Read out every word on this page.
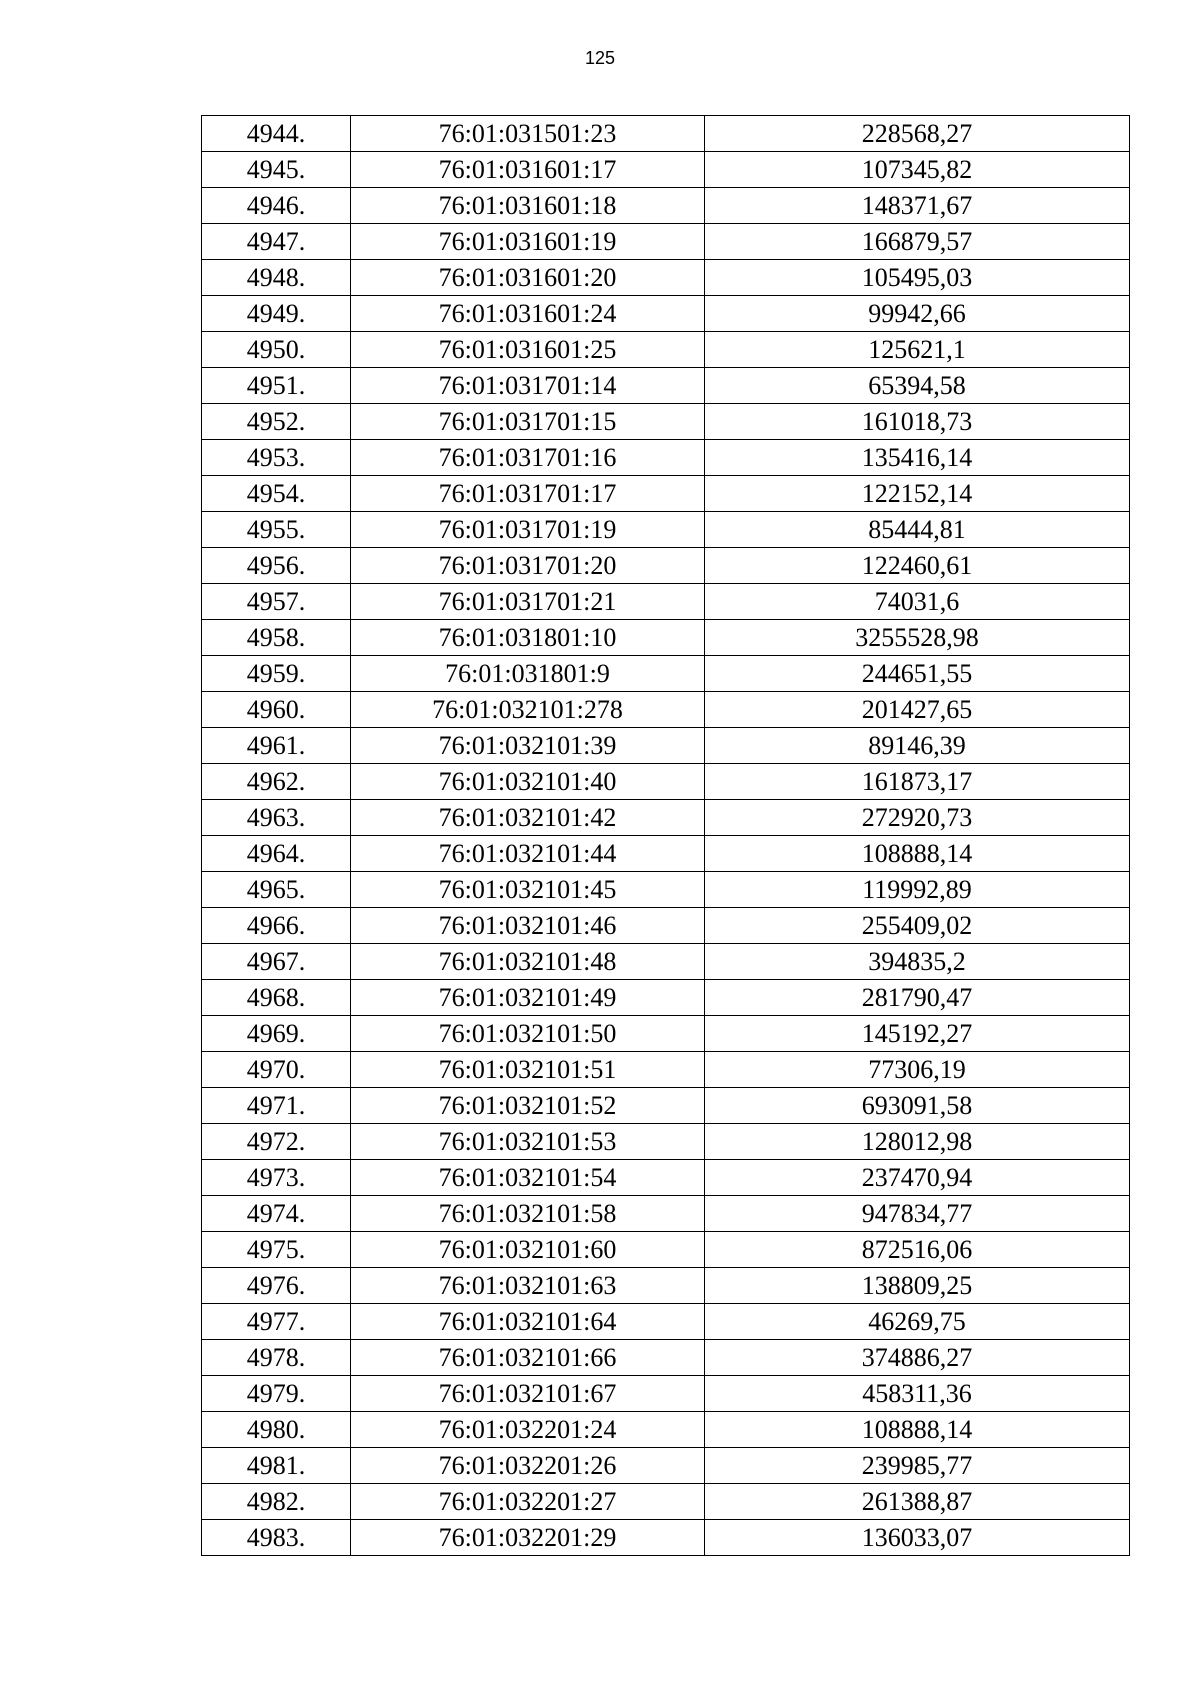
125
4944.	76:01:031501:23	228568,27
4945.	76:01:031601:17	107345,82
4946.	76:01:031601:18	148371,67
4947.	76:01:031601:19	166879,57
4948.	76:01:031601:20	105495,03
4949.	76:01:031601:24	99942,66
4950.	76:01:031601:25	125621,1
4951.	76:01:031701:14	65394,58
4952.	76:01:031701:15	161018,73
4953.	76:01:031701:16	135416,14
4954.	76:01:031701:17	122152,14
4955.	76:01:031701:19	85444,81
4956.	76:01:031701:20	122460,61
4957.	76:01:031701:21	74031,6
4958.	76:01:031801:10	3255528,98
4959.	76:01:031801:9	244651,55
4960.	76:01:032101:278	201427,65
4961.	76:01:032101:39	89146,39
4962.	76:01:032101:40	161873,17
4963.	76:01:032101:42	272920,73
4964.	76:01:032101:44	108888,14
4965.	76:01:032101:45	119992,89
4966.	76:01:032101:46	255409,02
4967.	76:01:032101:48	394835,2
4968.	76:01:032101:49	281790,47
4969.	76:01:032101:50	145192,27
4970.	76:01:032101:51	77306,19
4971.	76:01:032101:52	693091,58
4972.	76:01:032101:53	128012,98
4973.	76:01:032101:54	237470,94
4974.	76:01:032101:58	947834,77
4975.	76:01:032101:60	872516,06
4976.	76:01:032101:63	138809,25
4977.	76:01:032101:64	46269,75
4978.	76:01:032101:66	374886,27
4979.	76:01:032101:67	458311,36
4980.	76:01:032201:24	108888,14
4981.	76:01:032201:26	239985,77
4982.	76:01:032201:27	261388,87
4983.	76:01:032201:29	136033,07
